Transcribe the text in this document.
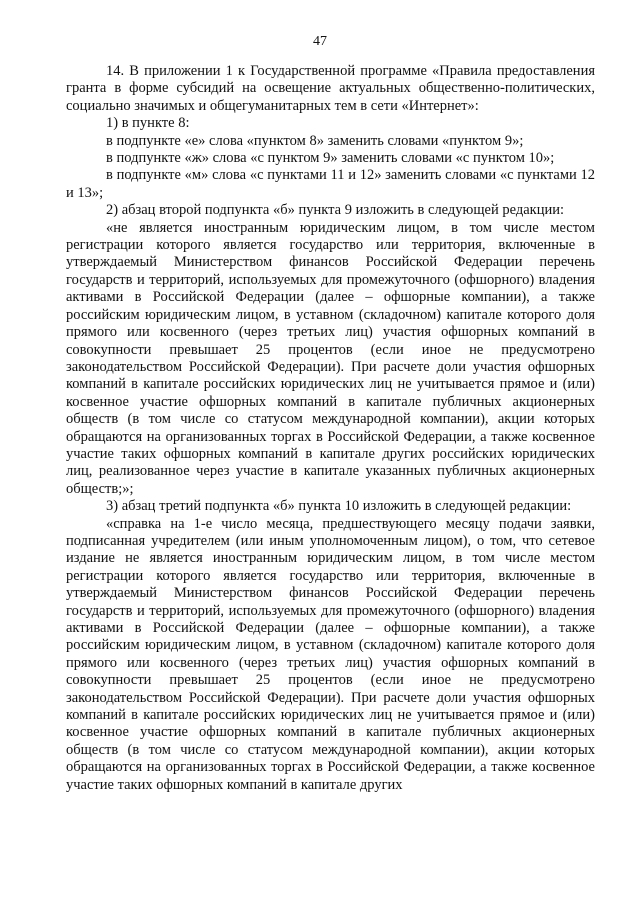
47

14. В приложении 1 к Государственной программе «Правила предоставления гранта в форме субсидий на освещение актуальных общественно-политических, социально значимых и общегуманитарных тем в сети «Интернет»:

1) в пункте 8:

в подпункте «е» слова «пунктом 8» заменить словами «пунктом 9»;

в подпункте «ж» слова «с пунктом 9» заменить словами «с пунктом 10»;

в подпункте «м» слова «с пунктами 11 и 12» заменить словами «с пунктами 12 и 13»;

2) абзац второй подпункта «б» пункта 9 изложить в следующей редакции:

«не является иностранным юридическим лицом, в том числе местом регистрации которого является государство или территория, включенные в утверждаемый Министерством финансов Российской Федерации перечень государств и территорий, используемых для промежуточного (офшорного) владения активами в Российской Федерации (далее – офшорные компании), а также российским юридическим лицом, в уставном (складочном) капитале которого доля прямого или косвенного (через третьих лиц) участия офшорных компаний в совокупности превышает 25 процентов (если иное не предусмотрено законодательством Российской Федерации). При расчете доли участия офшорных компаний в капитале российских юридических лиц не учитывается прямое и (или) косвенное участие офшорных компаний в капитале публичных акционерных обществ (в том числе со статусом международной компании), акции которых обращаются на организованных торгах в Российской Федерации, а также косвенное участие таких офшорных компаний в капитале других российских юридических лиц, реализованное через участие в капитале указанных публичных акционерных обществ;»;

3) абзац третий подпункта «б» пункта 10 изложить в следующей редакции:

«справка на 1-е число месяца, предшествующего месяцу подачи заявки, подписанная учредителем (или иным уполномоченным лицом), о том, что сетевое издание не является иностранным юридическим лицом, в том числе местом регистрации которого является государство или территория, включенные в утверждаемый Министерством финансов Российской Федерации перечень государств и территорий, используемых для промежуточного (офшорного) владения активами в Российской Федерации (далее – офшорные компании), а также российским юридическим лицом, в уставном (складочном) капитале которого доля прямого или косвенного (через третьих лиц) участия офшорных компаний в совокупности превышает 25 процентов (если иное не предусмотрено законодательством Российской Федерации). При расчете доли участия офшорных компаний в капитале российских юридических лиц не учитывается прямое и (или) косвенное участие офшорных компаний в капитале публичных акционерных обществ (в том числе со статусом международной компании), акции которых обращаются на организованных торгах в Российской Федерации, а также косвенное участие таких офшорных компаний в капитале других
